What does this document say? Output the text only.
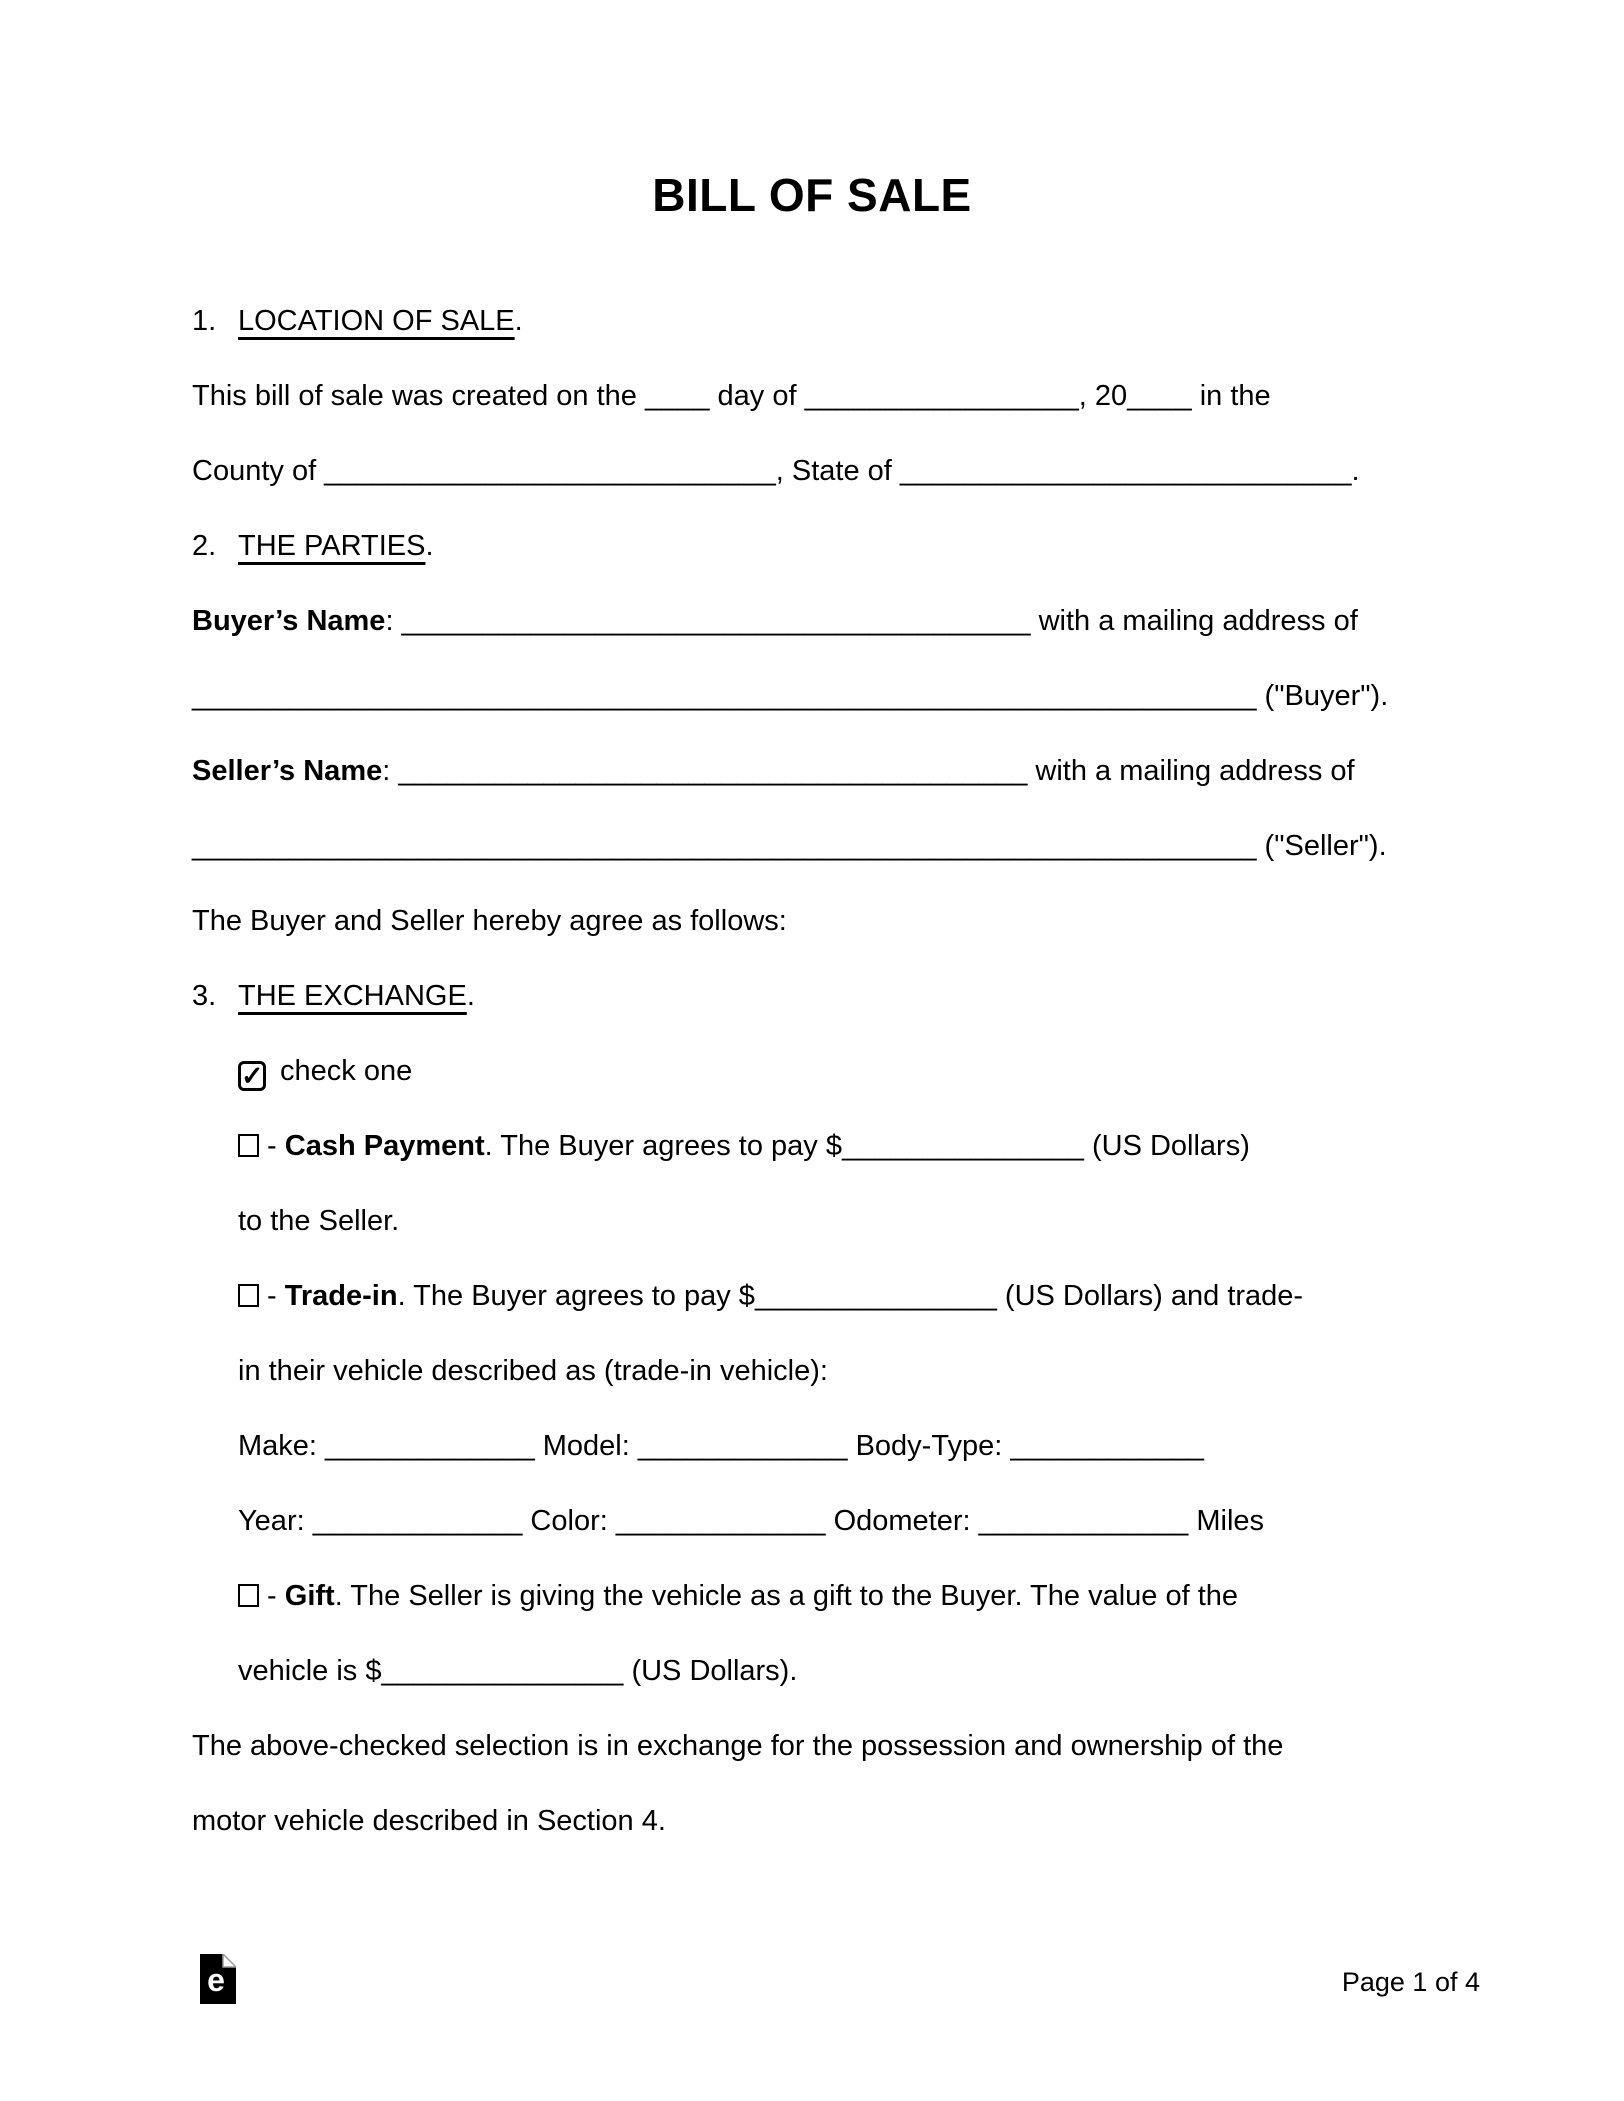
BILL OF SALE
1. LOCATION OF SALE.
This bill of sale was created on the ____ day of _________________, 20____ in the
County of ____________________________, State of ____________________________.
2. THE PARTIES.
Buyer’s Name: _______________________________________ with a mailing address of
__________________________________________________________________ ("Buyer").
Seller’s Name: _______________________________________ with a mailing address of
__________________________________________________________________ ("Seller").
The Buyer and Seller hereby agree as follows:
3. THE EXCHANGE.
✓ check one
- Cash Payment. The Buyer agrees to pay $_______________ (US Dollars)
to the Seller.
- Trade-in. The Buyer agrees to pay $_______________ (US Dollars) and trade-
in their vehicle described as (trade-in vehicle):
Make: _____________ Model: _____________ Body-Type: ____________
Year: _____________ Color: _____________ Odometer: _____________ Miles
- Gift. The Seller is giving the vehicle as a gift to the Buyer. The value of the
vehicle is $_______________ (US Dollars).
The above-checked selection is in exchange for the possession and ownership of the
motor vehicle described in Section 4.
e	Page 1 of 4
